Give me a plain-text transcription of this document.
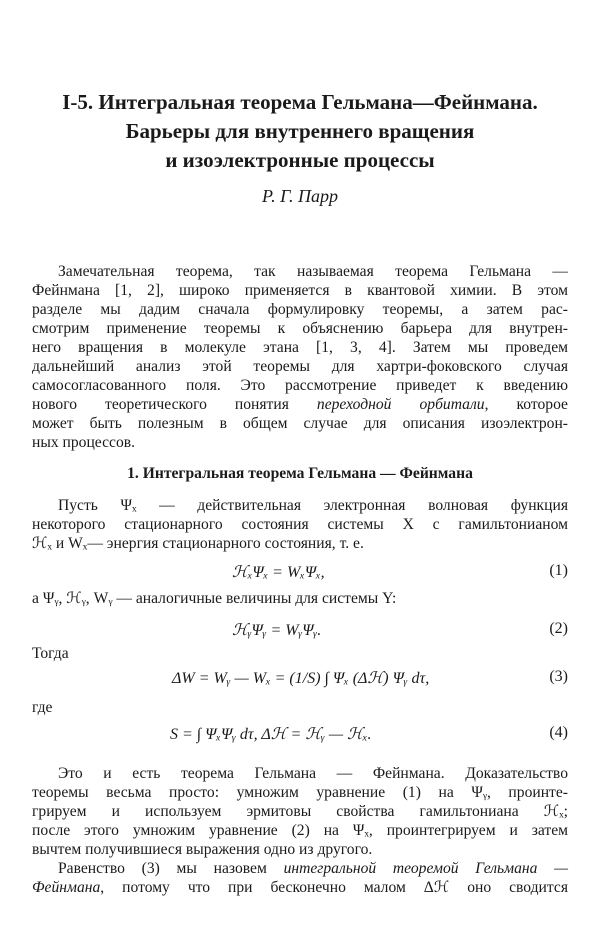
I-5. Интегральная теорема Гельмана—Фейнмана.
Барьеры для внутреннего вращения
и изоэлектронные процессы
Р. Г. Парр
Замечательная теорема, так называемая теорема Гельмана —
Фейнмана [1, 2], широко применяется в квантовой химии. В этом
разделе мы дадим сначала формулировку теоремы, а затем рас-
смотрим применение теоремы к объяснению барьера для внутрен-
него вращения в молекуле этана [1, 3, 4]. Затем мы проведем
дальнейший анализ этой теоремы для хартри-фоковского случая
самосогласованного поля. Это рассмотрение приведет к введению
нового теоретического понятия переходной орбитали, которое
может быть полезным в общем случае для описания изоэлектрон-
ных процессов.
1. Интегральная теорема Гельмана — Фейнмана
Пусть Ψₓ — действительная электронная волновая функция
некоторого стационарного состояния системы X с гамильтонианом
ℋₓ и Wₓ— энергия стационарного состояния, т. е.
ℋₓΨₓ = WₓΨₓ,	(1)
а Ψᵧ, ℋᵧ, Wᵧ — аналогичные величины для системы Y:
ℋᵧΨᵧ = WᵧΨᵧ.	(2)
Тогда
ΔW = Wᵧ — Wₓ = (1/S) ∫ Ψₓ (Δℋ) Ψᵧ dτ,	(3)
где
S = ∫ ΨₓΨᵧ dτ, Δℋ = ℋᵧ — ℋₓ.	(4)
Это и есть теорема Гельмана — Фейнмана. Доказательство
теоремы весьма просто: умножим уравнение (1) на Ψᵧ, проинте-
грируем и используем эрмитовы свойства гамильтониана ℋₓ;
после этого умножим уравнение (2) на Ψₓ, проинтегрируем и затем
вычтем получившиеся выражения одно из другого.
Равенство (3) мы назовем интегральной теоремой Гельмана —
Фейнмана, потому что при бесконечно малом Δℋ оно сводится
